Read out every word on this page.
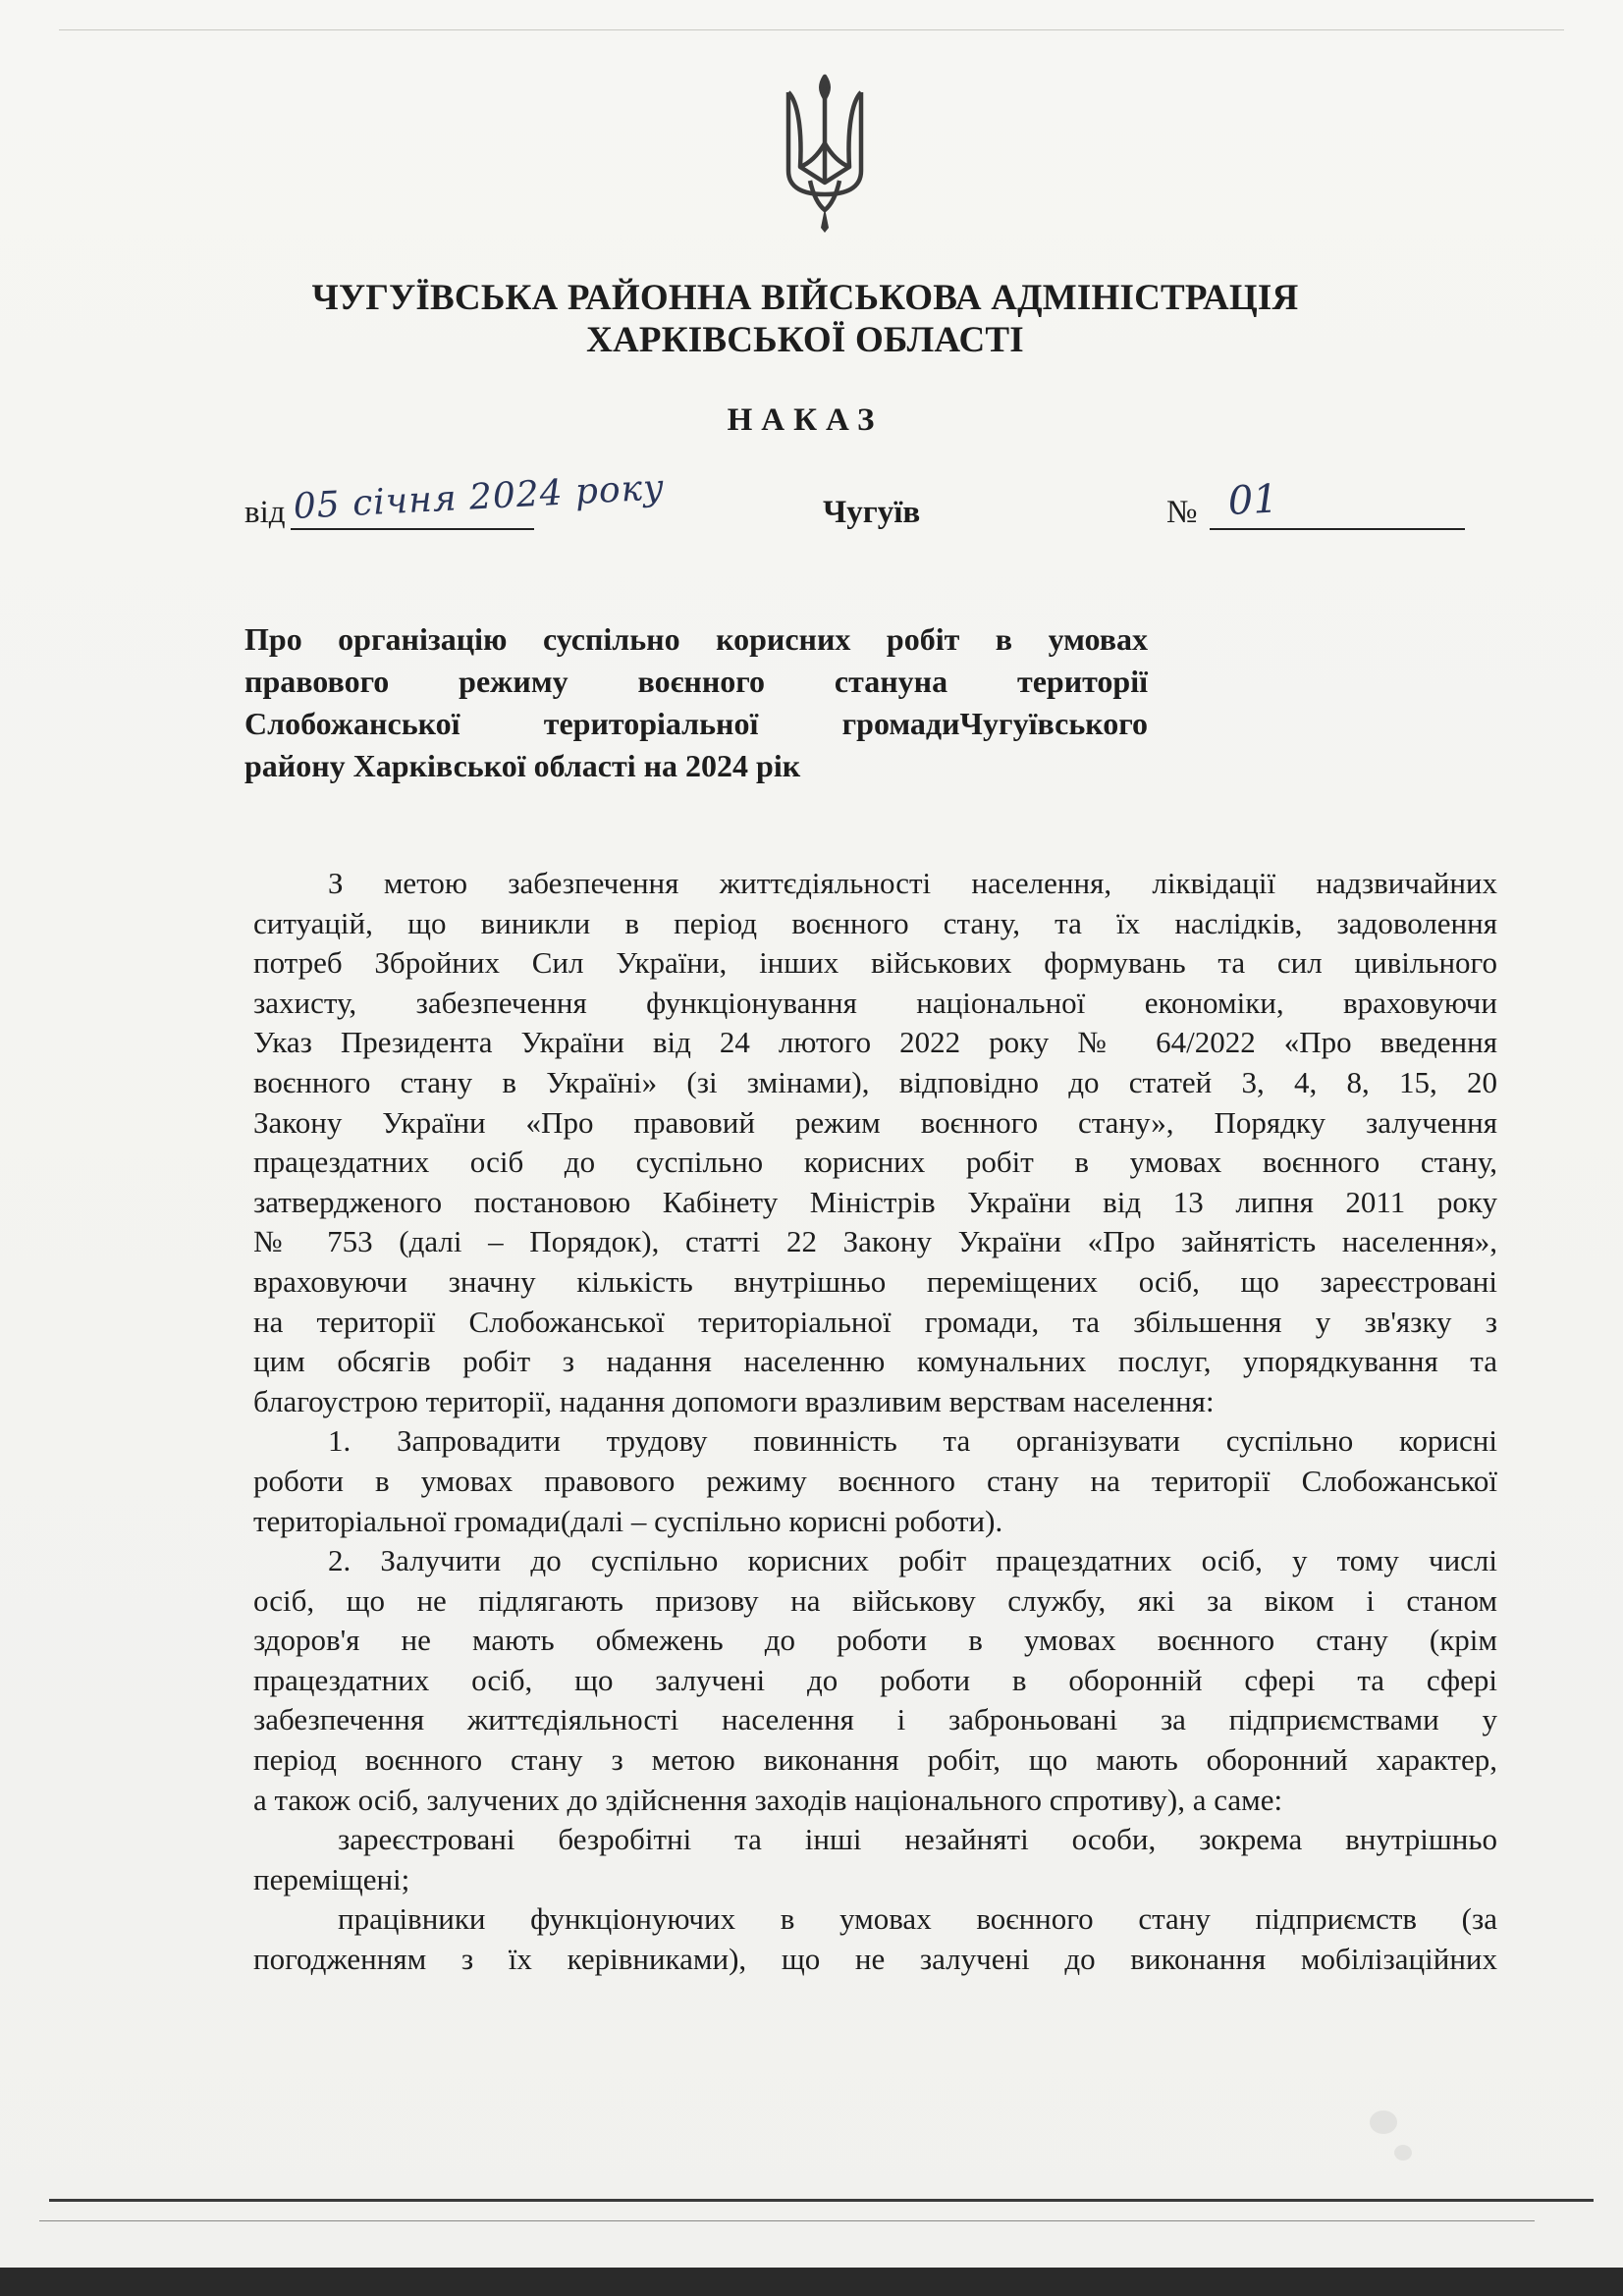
ЧУГУЇВСЬКА РАЙОННА ВІЙСЬКОВА АДМІНІСТРАЦІЯ
ХАРКІВСЬКОЇ ОБЛАСТІ
НАКАЗ
від 05 січня 2024 року	Чугуїв	№ 01
Про організацію суспільно корисних робіт в умовах
правового режиму воєнного стануна території
Слобожанської територіальної громадиЧугуївського
району Харківської області на 2024 рік
З метою забезпечення життєдіяльності населення, ліквідації надзвичайних
ситуацій, що виникли в період воєнного стану, та їх наслідків, задоволення
потреб Збройних Сил України, інших військових формувань та сил цивільного
захисту, забезпечення функціонування національної економіки, враховуючи
Указ Президента України від 24 лютого 2022 року № 64/2022 «Про введення
воєнного стану в Україні» (зі змінами), відповідно до статей 3, 4, 8, 15, 20
Закону України «Про правовий режим воєнного стану», Порядку залучення
працездатних осіб до суспільно корисних робіт в умовах воєнного стану,
затвердженого постановою Кабінету Міністрів України від 13 липня 2011 року
№ 753 (далі – Порядок), статті 22 Закону України «Про зайнятість населення»,
враховуючи значну кількість внутрішньо переміщених осіб, що зареєстровані
на території Слобожанської територіальної громади, та збільшення у зв'язку з
цим обсягів робіт з надання населенню комунальних послуг, упорядкування та
благоустрою території, надання допомоги вразливим верствам населення:
1. Запровадити трудову повинність та організувати суспільно корисні
роботи в умовах правового режиму воєнного стану на території Слобожанської
територіальної громади(далі – суспільно корисні роботи).
2. Залучити до суспільно корисних робіт працездатних осіб, у тому числі
осіб, що не підлягають призову на військову службу, які за віком і станом
здоров'я не мають обмежень до роботи в умовах воєнного стану (крім
працездатних осіб, що залучені до роботи в оборонній сфері та сфері
забезпечення життєдіяльності населення і заброньовані за підприємствами у
період воєнного стану з метою виконання робіт, що мають оборонний характер,
а також осіб, залучених до здійснення заходів національного спротиву), а саме:
зареєстровані безробітні та інші незайняті особи, зокрема внутрішньо
переміщені;
працівники функціонуючих в умовах воєнного стану підприємств (за
погодженням з їх керівниками), що не залучені до виконання мобілізаційних
